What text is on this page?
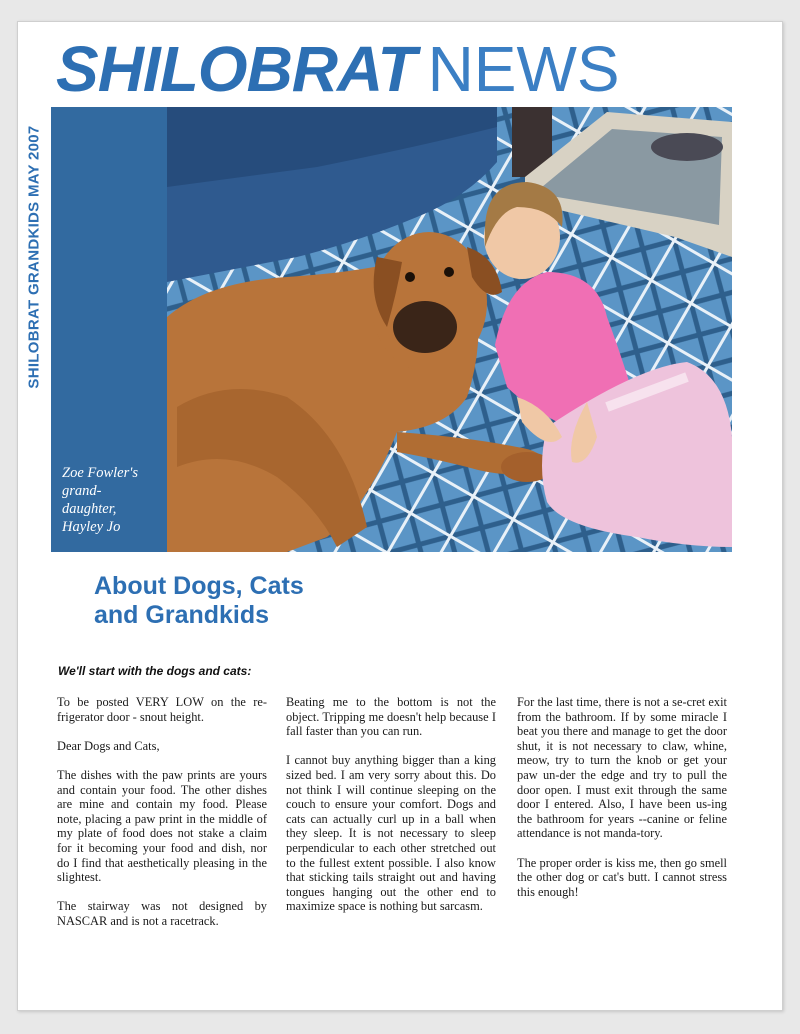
SHILOBRAT NEWS
SHILOBRAT GRANDKIDS MAY 2007
Zoe Fowler's
grand-
daughter,
Hayley Jo
About Dogs, Cats
and Grandkids
We'll start with the dogs and cats:

To be posted VERY LOW on the re-frigerator door - snout height.

Dear Dogs and Cats,

The dishes with the paw prints are yours and contain your food. The other dishes are mine and contain my food. Please note, placing a paw print in the middle of my plate of food does not stake a claim for it becoming your food and dish, nor do I find that aesthetically pleasing in the slightest.

The stairway was not designed by NASCAR and is not a racetrack.

Beating me to the bottom is not the object. Tripping me doesn't help because I fall faster than you can run.

I cannot buy anything bigger than a king sized bed. I am very sorry about this. Do not think I will continue sleeping on the couch to ensure your comfort. Dogs and cats can actually curl up in a ball when they sleep. It is not necessary to sleep perpendicular to each other stretched out to the fullest extent possible. I also know that sticking tails straight out and having tongues hanging out the other end to maximize space is nothing but sarcasm.

For the last time, there is not a se-cret exit from the bathroom. If by some miracle I beat you there and manage to get the door shut, it is not necessary to claw, whine, meow, try to turn the knob or get your paw un-der the edge and try to pull the door open. I must exit through the same door I entered. Also, I have been us-ing the bathroom for years --canine or feline attendance is not manda-tory.

The proper order is kiss me, then go smell the other dog or cat's butt. I cannot stress this enough!
